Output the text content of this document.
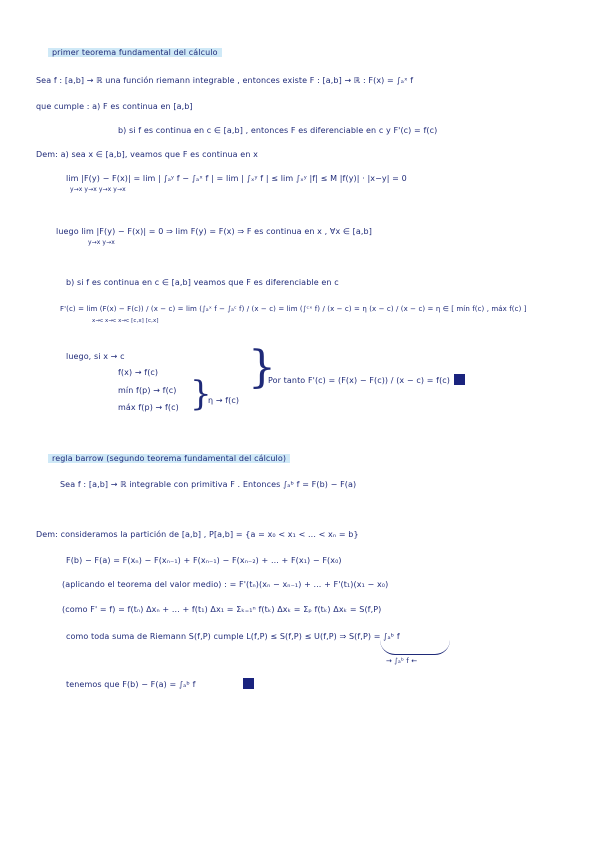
primer teorema fundamental del cálculo
Sea f : [a,b] → ℝ una función riemann integrable , entonces existe F : [a,b] → ℝ : F(x) = ∫ₐˣ f
que cumple : a) F es continua en [a,b]
b) si f es continua en c ∈ [a,b] , entonces F es diferenciable en c y F'(c) = f(c)
Dem: a) sea x ∈ [a,b], veamos que F es continua en x
lim |F(y) − F(x)| = lim | ∫ₐʸ f − ∫ₐˣ f | = lim | ∫ₓʸ f | ≤ lim ∫ₓʸ |f| ≤ M |f(y)| · |x−y| = 0
y→x y→x y→x y→x
luego lim |F(y) − F(x)| = 0 ⇒ lim F(y) = F(x) ⇒ F es continua en x , ∀x ∈ [a,b]
y→x y→x
b) si f es continua en c ∈ [a,b] veamos que F es diferenciable en c
F'(c) = lim (F(x) − F(c)) / (x − c) = lim (∫ₐˣ f − ∫ₐᶜ f) / (x − c) = lim (∫ᶜˣ f) / (x − c) = η (x − c) / (x − c) = η ∈ [ mín f(c) , máx f(c) ]
x→c x→c x→c [c,x] [c,x]
luego, si x → c
f(x) → f(c)
mín f(p) → f(c)
máx f(p) → f(c) }
η → f(c)
}
Por tanto F'(c) = (F(x) − F(c)) / (x − c) = f(c)
regla barrow (segundo teorema fundamental del cálculo)
Sea f : [a,b] → ℝ integrable con primitiva F . Entonces ∫ₐᵇ f = F(b) − F(a)
Dem: consideramos la partición de [a,b] , P[a,b] = {a = x₀ < x₁ < ... < xₙ = b}
F(b) − F(a) = F(xₙ) − F(xₙ₋₁) + F(xₙ₋₁) − F(xₙ₋₂) + ... + F(x₁) − F(x₀)
(aplicando el teorema del valor medio) : = F'(tₙ)(xₙ − xₙ₋₁) + ... + F'(t₁)(x₁ − x₀)
(como F' = f) = f(tₙ) Δxₙ + ... + f(t₁) Δx₁ = Σₖ₌₁ⁿ f(tₖ) Δxₖ = Σₚ f(tₖ) Δxₖ = S(f,P)
como toda suma de Riemann S(f,P) cumple L(f,P) ≤ S(f,P) ≤ U(f,P) ⇒ S(f,P) = ∫ₐᵇ f
→ ∫ₐᵇ f ←
tenemos que F(b) − F(a) = ∫ₐᵇ f
